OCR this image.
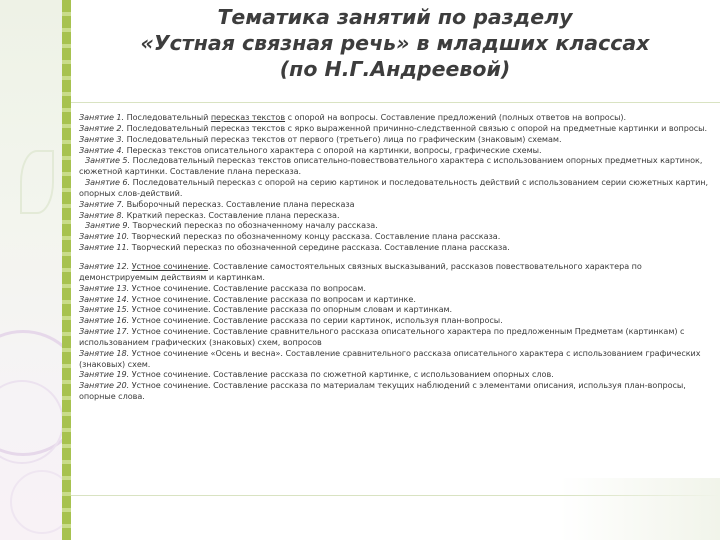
Тематика занятий по разделу
«Устная связная речь» в младших классах
(по Н.Г.Андреевой)

Занятие 1. Последовательный пересказ текстов с опорой на вопросы. Составление предложений (полных ответов на вопросы).

Занятие 2. Последовательный пересказ текстов с ярко выраженной причинно-следственной связью с опорой на предметные картинки и вопросы.

Занятие 3. Последовательный пересказ текстов от первого (третьего) лица по графическим (знаковым) схемам.

Занятие 4. Пересказ текстов описательного характера с опорой на картинки, вопросы, графические схемы.

Занятие 5. Последовательный пересказ текстов описательно-повествовательного характера с использованием опорных предметных картинок, сюжетной картинки. Составление плана пересказа.

Занятие 6. Последовательный пересказ с опорой на серию картинок и последовательность действий с использованием серии сюжетных картин, опорных слов-действий.

Занятие 7. Выборочный пересказ. Составление плана пересказа

Занятие 8. Краткий пересказ. Составление плана пересказа.

Занятие 9. Творческий пересказ по обозначенному началу рассказа.

Занятие 10. Творческий пересказ по обозначенному концу рассказа. Составление плана рассказа.

Занятие 11. Творческий пересказ по обозначенной середине рассказа. Составление плана рассказа.

Занятие 12. Устное сочинение. Составление самостоятельных связных высказываний, рассказов повествовательного характера по демонстрируемым действиям и картинкам.

Занятие 13. Устное сочинение. Составление рассказа по вопросам.

Занятие 14. Устное сочинение. Составление рассказа по вопросам и картинке.

Занятие 15. Устное сочинение. Составление рассказа по опорным словам и картинкам.

Занятие 16. Устное сочинение. Составление рассказа по серии картинок, используя план-вопросы.

Занятие 17. Устное сочинение. Составление сравнительного рассказа описательного характера по предложенным Предметам (картинкам) с использованием графических (знаковых) схем, вопросов

Занятие 18. Устное сочинение «Осень и весна». Составление сравнительного рассказа описательного характера с использованием графических (знаковых) схем.

Занятие 19. Устное сочинение. Составление рассказа по сюжетной картинке, с использованием опорных слов.

Занятие 20. Устное сочинение. Составление рассказа по материалам текущих наблюдений с элементами описания, используя план-вопросы, опорные слова.
